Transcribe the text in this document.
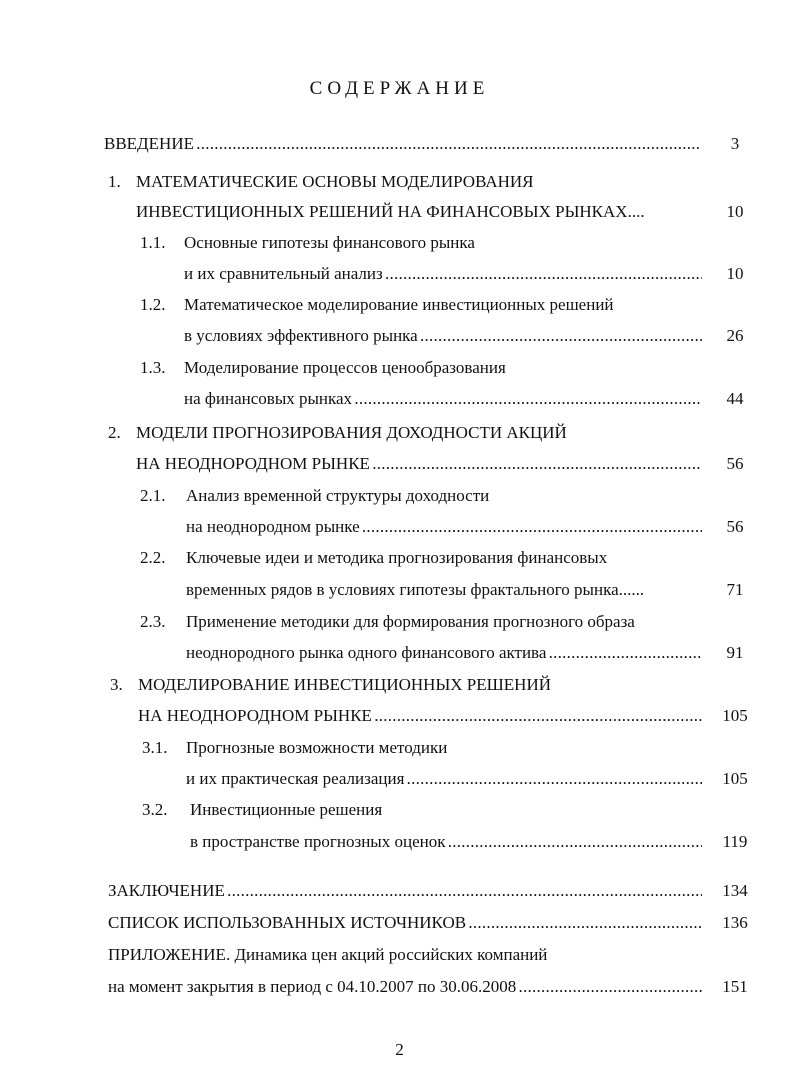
СОДЕРЖАНИЕ
ВВЕДЕНИЕ . . .	3
1. МАТЕМАТИЧЕСКИЕ ОСНОВЫ МОДЕЛИРОВАНИЯ
ИНВЕСТИЦИОННЫХ РЕШЕНИЙ НА ФИНАНСОВЫХ РЫНКАХ....	10
1.1. Основные гипотезы финансового рынка
и их сравнительный анализ . . .	10
1.2. Математическое моделирование инвестиционных решений
в условиях эффективного рынка . . .	26
1.3. Моделирование процессов ценообразования
на финансовых рынках . . .	44
2. МОДЕЛИ ПРОГНОЗИРОВАНИЯ ДОХОДНОСТИ АКЦИЙ
НА НЕОДНОРОДНОМ РЫНКЕ . . .	56
2.1. Анализ временной структуры доходности
на неоднородном рынке . . .	56
2.2. Ключевые идеи и методика прогнозирования финансовых
временных рядов в условиях гипотезы фрактального рынка......	71
2.3. Применение методики для формирования прогнозного образа
неоднородного рынка одного финансового актива . . .	91
3. МОДЕЛИРОВАНИЕ ИНВЕСТИЦИОННЫХ РЕШЕНИЙ
НА НЕОДНОРОДНОМ РЫНКЕ . . .	105
3.1. Прогнозные возможности методики
и их практическая реализация . . .	105
3.2. Инвестиционные решения
в пространстве прогнозных оценок . . .	119
ЗАКЛЮЧЕНИЕ . . .	134
СПИСОК ИСПОЛЬЗОВАННЫХ ИСТОЧНИКОВ . . .	136
ПРИЛОЖЕНИЕ. Динамика цен акций российских компаний
на момент закрытия в период с 04.10.2007 по 30.06.2008 . . .	151
2
